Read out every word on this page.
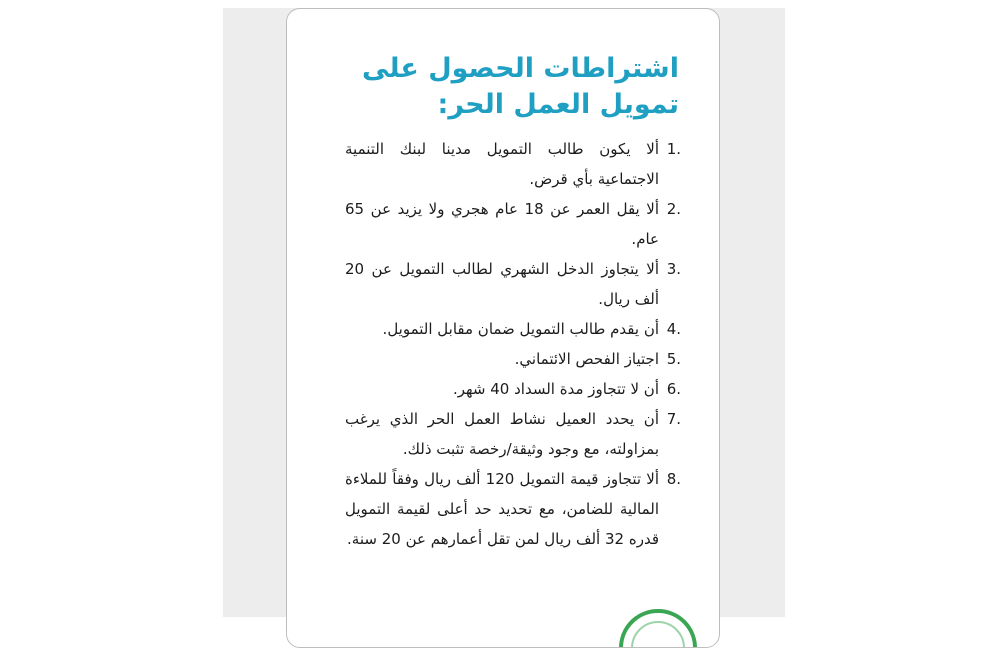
اشتراطات الحصول على تمويل العمل الحر:
1.
ألا يكون طالب التمويل مدينا لبنك التنمية الاجتماعية بأي قرض.
2.
ألا يقل العمر عن 18 عام هجري ولا يزيد عن 65 عام.
3.
ألا يتجاوز الدخل الشهري لطالب التمويل عن 20 ألف ريال.
4.
أن يقدم طالب التمويل ضمان مقابل التمويل.
5.
اجتياز الفحص الائتماني.
6.
أن لا تتجاوز مدة السداد 40 شهر.
7.
أن يحدد العميل نشاط العمل الحر الذي يرغب بمزاولته، مع وجود وثيقة/رخصة تثبت ذلك.
8.
ألا تتجاوز قيمة التمويل 120 ألف ريال وفقاً للملاءة المالية للضامن، مع تحديد حد أعلى لقيمة التمويل قدره 32 ألف ريال لمن تقل أعمارهم عن 20 سنة.
